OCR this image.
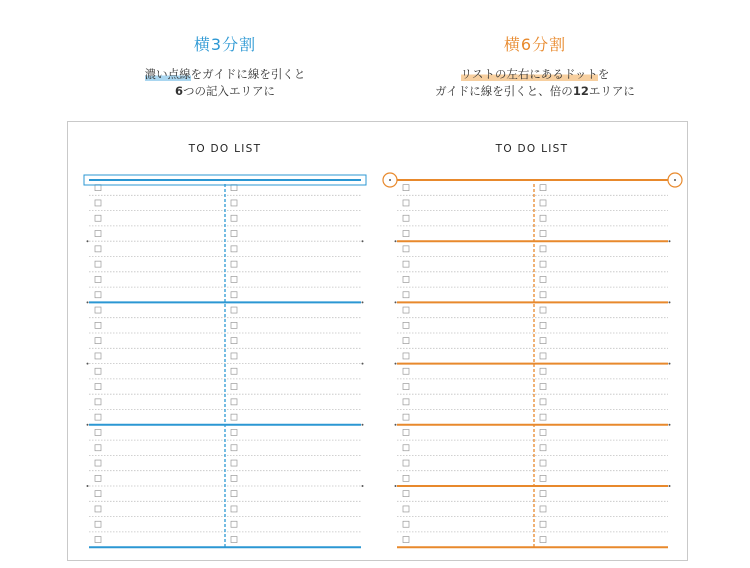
横3分割
濃い点線をガイドに線を引くと
6つの記入エリアに
横6分割
リストの左右にあるドットを
ガイドに線を引くと、倍の12エリアに
TO DO LIST	TO DO LIST
